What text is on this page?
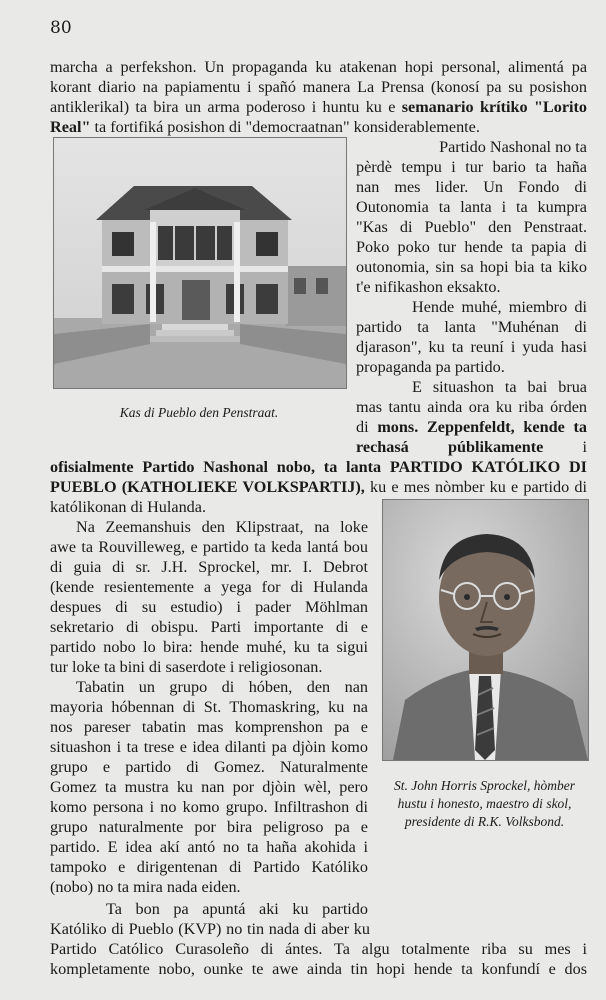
80
marcha a perfekshon. Un propaganda ku atakenan hopi personal, alimentá pa
korant diario na papiamentu i spañó manera La Prensa (konosí pa su posishon
antiklerikal) ta bira un arma poderoso i huntu ku e semanario krítiko "Lorito
Real" ta fortifiká posishon di "democraatnan" konsiderablemente.
Kas di Pueblo den Penstraat.
Partido Nashonal no ta
pèrdè tempu i tur bario ta haña
nan mes lider. Un Fondo di
Outonomia ta lanta i ta kumpra
"Kas di Pueblo" den Penstraat.
Poko poko tur hende ta papia di
outonomia, sin sa hopi bia ta kiko
t'e nifikashon eksakto.
Hende muhé, miembro di
partido ta lanta "Muhénan di
djarason", ku ta reuní i yuda hasi
propaganda pa partido.
E situashon ta bai brua
mas tantu ainda ora ku riba órden
di mons. Zeppenfeldt, kende ta
rechasá públikamente i
ofisialmente Partido Nashonal nobo, ta lanta PARTIDO KATÓLIKO DI
PUEBLO (KATHOLIEKE VOLKSPARTIJ), ku e mes nòmber ku e partido di
katólikonan di Hulanda.
Na Zeemanshuis den Klipstraat, na loke
awe ta Rouvilleweg, e partido ta keda lantá bou
di guia di sr. J.H. Sprockel, mr. I. Debrot
(kende resientemente a yega for di Hulanda
despues di su estudio) i pader Möhlman
sekretario di obispu. Parti importante di e
partido nobo lo bira: hende muhé, ku ta sigui
tur loke ta bini di saserdote i religiosonan.
Tabatin un grupo di hóben, den nan
mayoria hóbennan di St. Thomaskring, ku na
nos pareser tabatin mas komprenshon pa e
situashon i ta trese e idea dilanti pa djòin komo
grupo e partido di Gomez. Naturalmente
Gomez ta mustra ku nan por djòin wèl, pero
komo persona i no komo grupo. Infiltrashon di
grupo naturalmente por bira peligroso pa e
partido. E idea akí antó no ta haña akohida i
tampoko e dirigentenan di Partido Katóliko
(nobo) no ta mira nada eiden.
Ta bon pa apuntá aki ku partido
Katóliko di Pueblo (KVP) no tin nada di aber ku
Partido Católico Curasoleño di ántes. Ta algu totalmente riba su mes i
kompletamente nobo, ounke te awe ainda tin hopi hende ta konfundí e dos
St. John Horris Sprockel, hòmber
hustu i honesto, maestro di skol,
presidente di R.K. Volksbond.
